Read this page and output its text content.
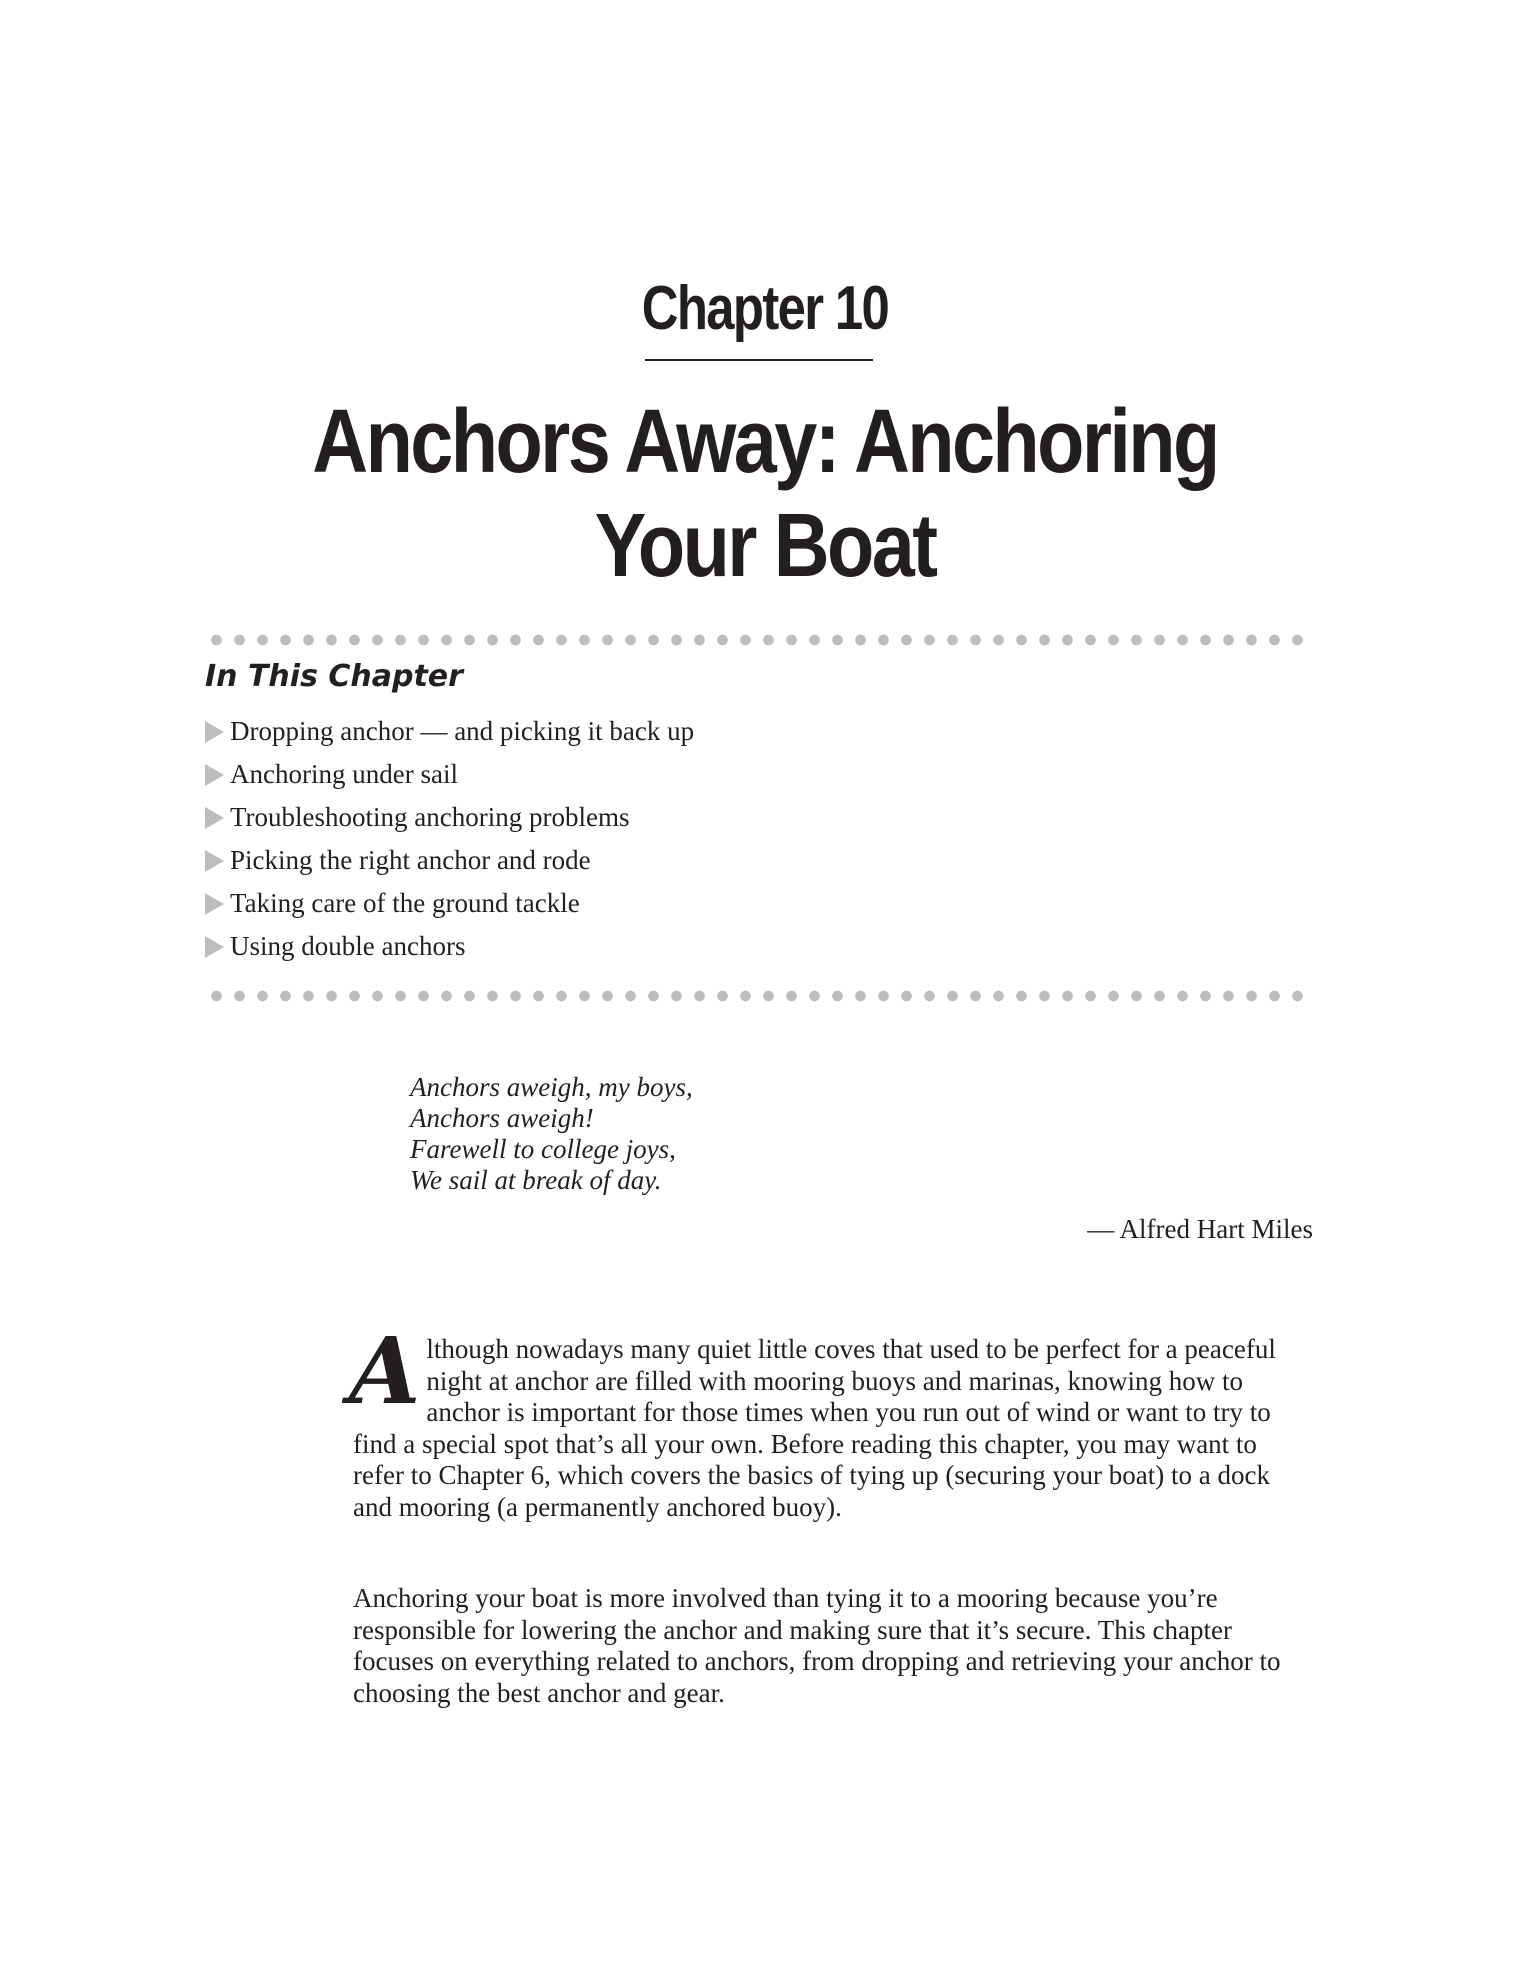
Chapter 10
Anchors Away: Anchoring
Your Boat
In This Chapter
Dropping anchor — and picking it back up
Anchoring under sail
Troubleshooting anchoring problems
Picking the right anchor and rode
Taking care of the ground tackle
Using double anchors
Anchors aweigh, my boys,
Anchors aweigh!
Farewell to college joys,
We sail at break of day.
— Alfred Hart Miles
Although nowadays many quiet little coves that used to be perfect for a peaceful night at anchor are filled with mooring buoys and marinas, knowing how to anchor is important for those times when you run out of wind or want to try to find a special spot that’s all your own. Before reading this chapter, you may want to refer to Chapter 6, which covers the basics of tying up (securing your boat) to a dock and mooring (a permanently anchored buoy).
Anchoring your boat is more involved than tying it to a mooring because you’re responsible for lowering the anchor and making sure that it’s secure. This chapter focuses on everything related to anchors, from dropping and retrieving your anchor to choosing the best anchor and gear.
